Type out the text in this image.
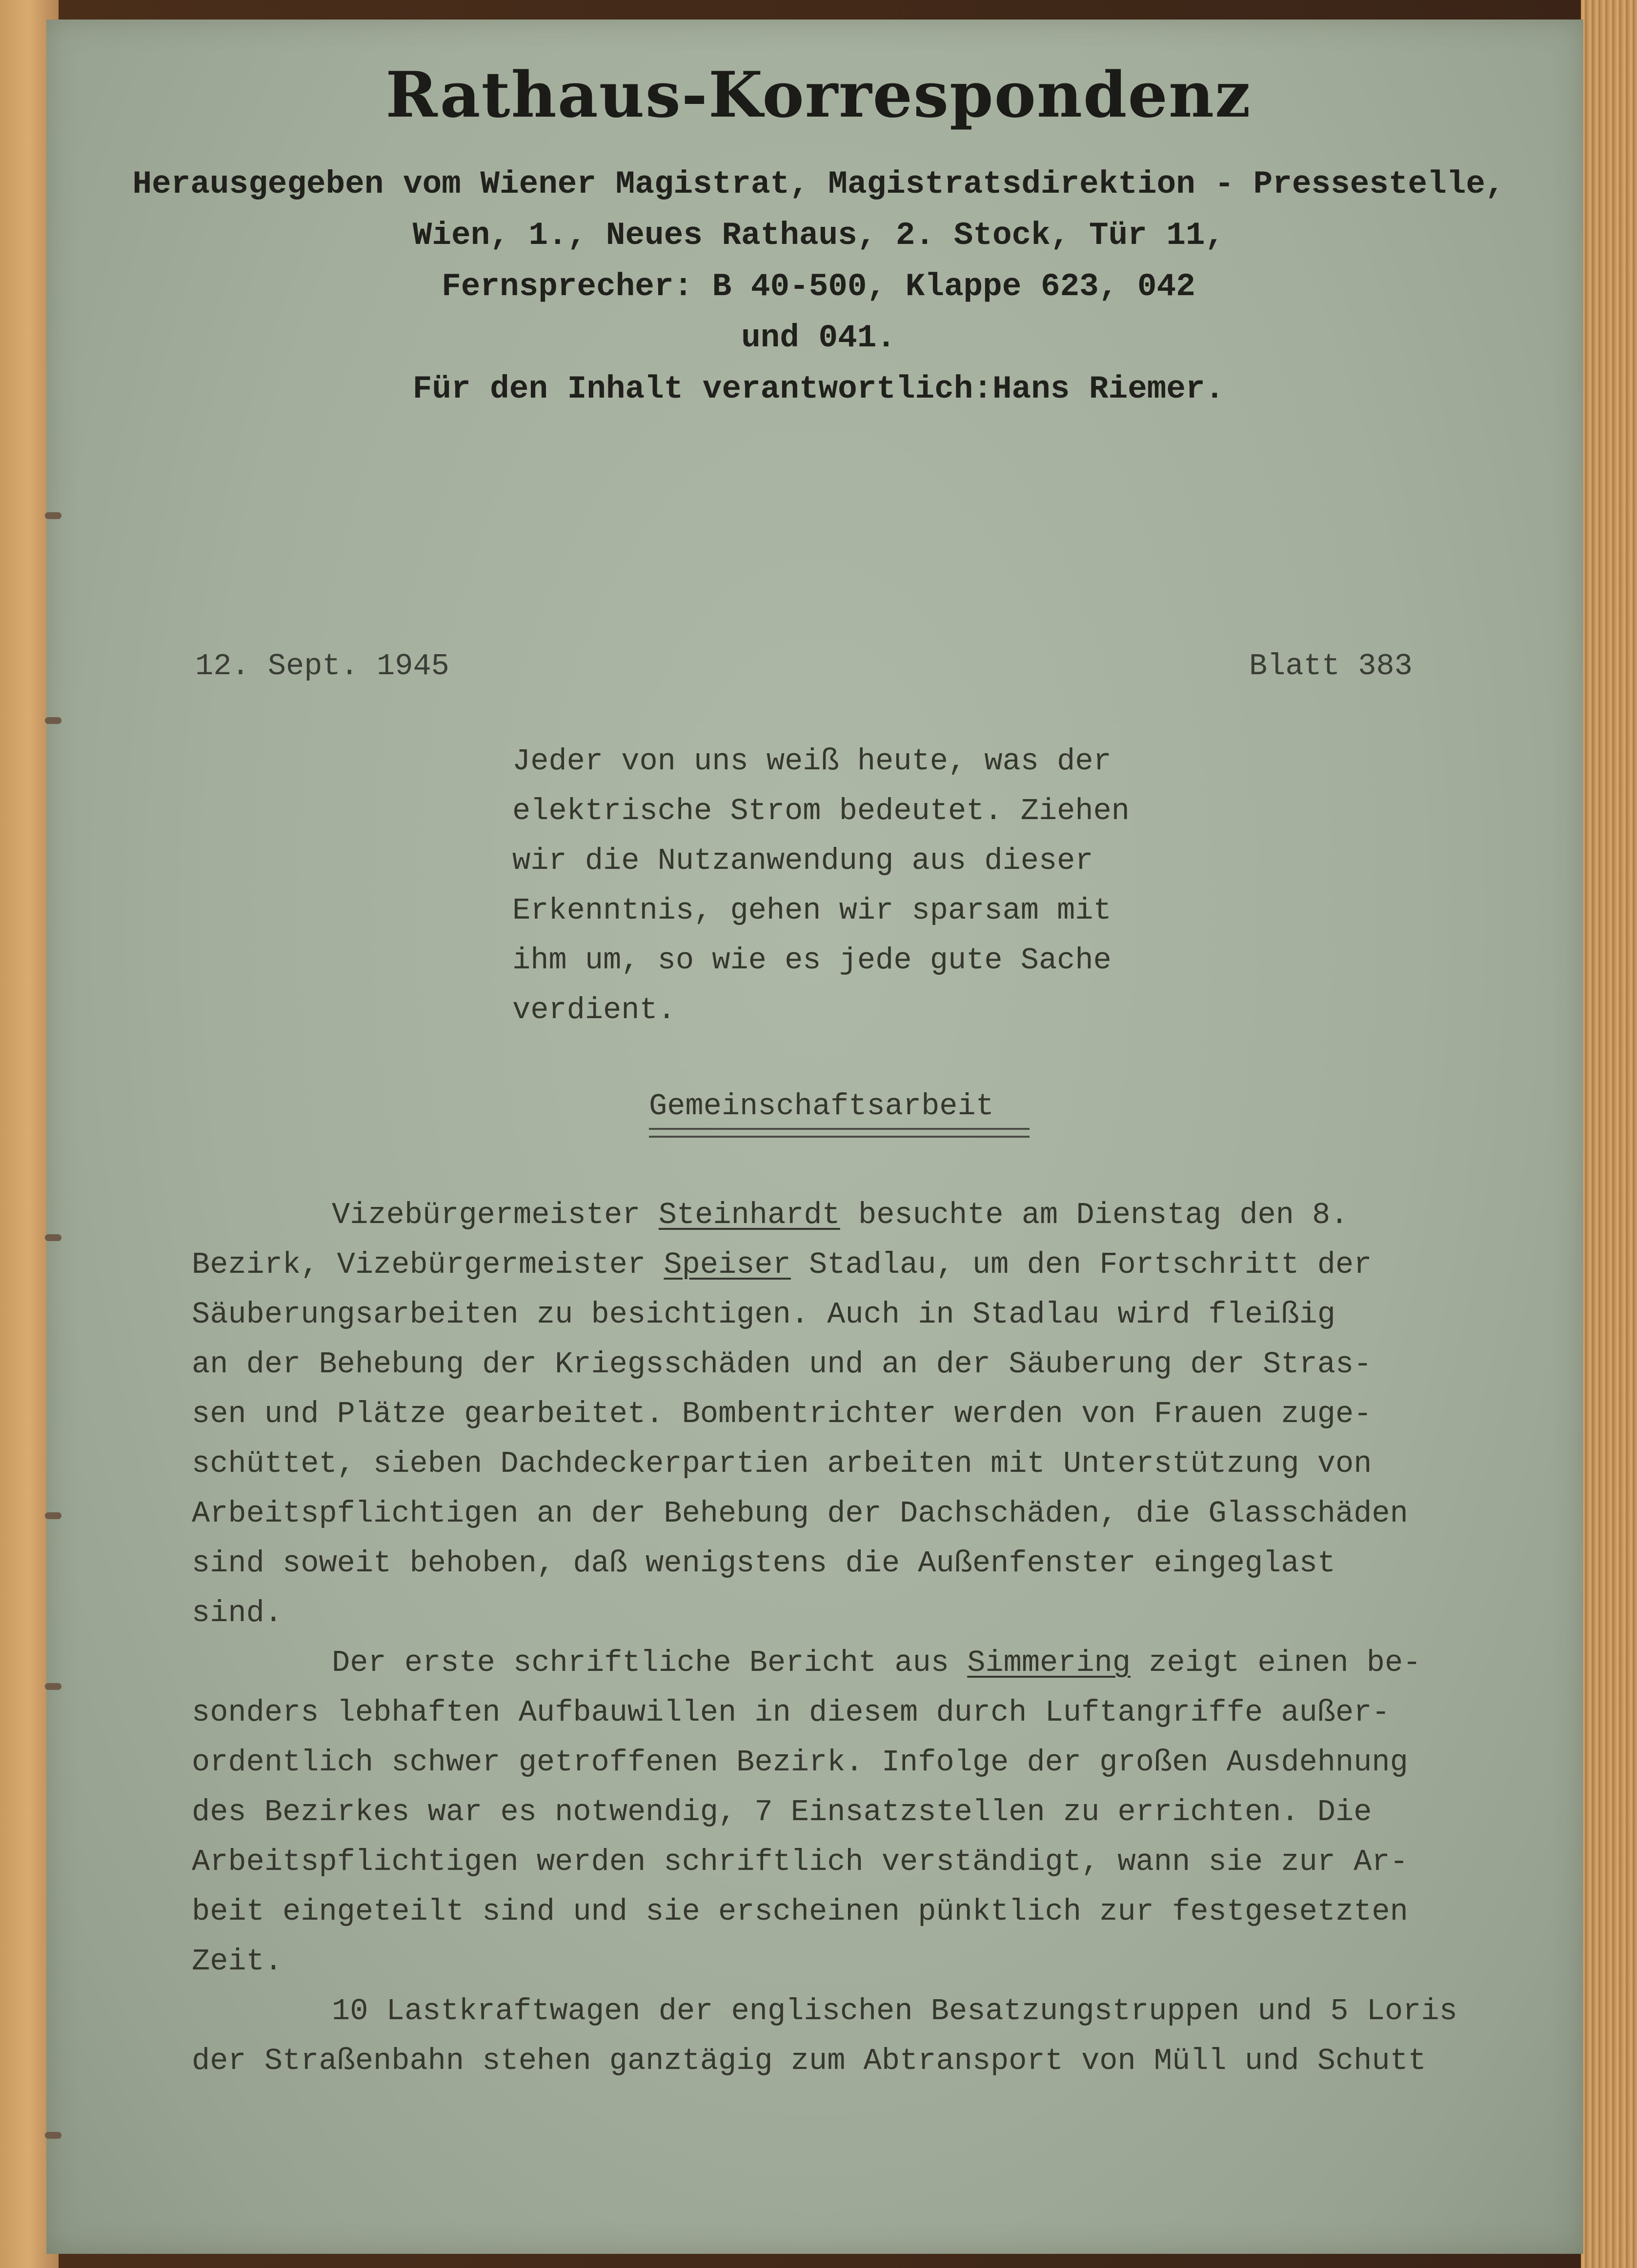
Rathaus-Korrespondenz
Herausgegeben vom Wiener Magistrat, Magistratsdirektion - Pressestelle,
Wien, 1., Neues Rathaus, 2. Stock, Tür 11,
Fernsprecher: B 40-500, Klappe 623, 042
und 041.
Für den Inhalt verantwortlich:Hans Riemer.
12. Sept. 1945	Blatt 383
Jeder von uns weiß heute, was der
elektrische Strom bedeutet. Ziehen
wir die Nutzanwendung aus dieser
Erkenntnis, gehen wir sparsam mit
ihm um, so wie es jede gute Sache
verdient.
Gemeinschaftsarbeit
Vizebürgermeister Steinhardt besuchte am Dienstag den 8.
Bezirk, Vizebürgermeister Speiser Stadlau, um den Fortschritt der
Säuberungsarbeiten zu besichtigen. Auch in Stadlau wird fleißig
an der Behebung der Kriegsschäden und an der Säuberung der Stras-
sen und Plätze gearbeitet. Bombentrichter werden von Frauen zuge-
schüttet, sieben Dachdeckerpartien arbeiten mit Unterstützung von
Arbeitspflichtigen an der Behebung der Dachschäden, die Glasschäden
sind soweit behoben, daß wenigstens die Außenfenster eingeglast
sind.
Der erste schriftliche Bericht aus Simmering zeigt einen be-
sonders lebhaften Aufbauwillen in diesem durch Luftangriffe außer-
ordentlich schwer getroffenen Bezirk. Infolge der großen Ausdehnung
des Bezirkes war es notwendig, 7 Einsatzstellen zu errichten. Die
Arbeitspflichtigen werden schriftlich verständigt, wann sie zur Ar-
beit eingeteilt sind und sie erscheinen pünktlich zur festgesetzten
Zeit.
10 Lastkraftwagen der englischen Besatzungstruppen und 5 Loris
der Straßenbahn stehen ganztägig zum Abtransport von Müll und Schutt
